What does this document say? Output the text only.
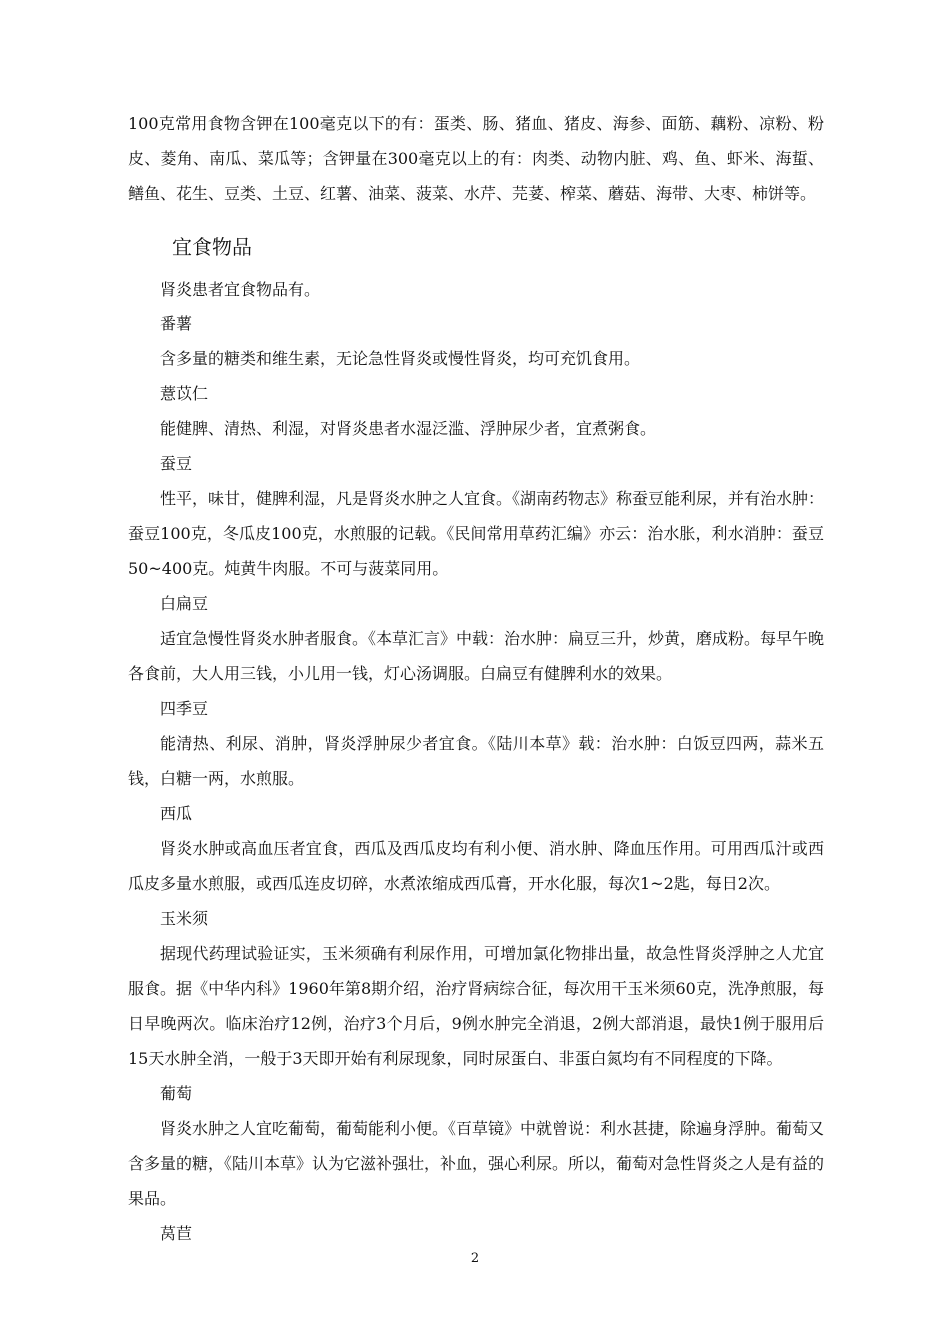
100克常用食物含钾在100毫克以下的有：蛋类、肠、猪血、猪皮、海参、面筋、藕粉、凉粉、粉皮、菱角、南瓜、菜瓜等；含钾量在300毫克以上的有：肉类、动物内脏、鸡、鱼、虾米、海蜇、鳝鱼、花生、豆类、土豆、红薯、油菜、菠菜、水芹、芫荽、榨菜、蘑菇、海带、大枣、柿饼等。

宜食物品

肾炎患者宜食物品有。

番薯

含多量的糖类和维生素，无论急性肾炎或慢性肾炎，均可充饥食用。

薏苡仁

能健脾、清热、利湿，对肾炎患者水湿泛滥、浮肿尿少者，宜煮粥食。

蚕豆

性平，味甘，健脾利湿，凡是肾炎水肿之人宜食。《湖南药物志》称蚕豆能利尿，并有治水肿：蚕豆100克，冬瓜皮100克，水煎服的记载。《民间常用草药汇编》亦云：治水胀，利水消肿：蚕豆50~400克。炖黄牛肉服。不可与菠菜同用。

白扁豆

适宜急慢性肾炎水肿者服食。《本草汇言》中载：治水肿：扁豆三升，炒黄，磨成粉。每早午晚各食前，大人用三钱，小儿用一钱，灯心汤调服。白扁豆有健脾利水的效果。

四季豆

能清热、利尿、消肿，肾炎浮肿尿少者宜食。《陆川本草》载：治水肿：白饭豆四两，蒜米五钱，白糖一两，水煎服。

西瓜

肾炎水肿或高血压者宜食，西瓜及西瓜皮均有利小便、消水肿、降血压作用。可用西瓜汁或西瓜皮多量水煎服，或西瓜连皮切碎，水煮浓缩成西瓜膏，开水化服，每次1~2匙，每日2次。

玉米须

据现代药理试验证实，玉米须确有利尿作用，可增加氯化物排出量，故急性肾炎浮肿之人尤宜服食。据《中华内科》1960年第8期介绍，治疗肾病综合征，每次用干玉米须60克，洗净煎服，每日早晚两次。临床治疗12例，治疗3个月后，9例水肿完全消退，2例大部消退，最快1例于服用后15天水肿全消，一般于3天即开始有利尿现象，同时尿蛋白、非蛋白氮均有不同程度的下降。

葡萄

肾炎水肿之人宜吃葡萄，葡萄能利小便。《百草镜》中就曾说：利水甚捷，除遍身浮肿。葡萄又含多量的糖，《陆川本草》认为它滋补强壮，补血，强心利尿。所以，葡萄对急性肾炎之人是有益的果品。

莴苣
2
